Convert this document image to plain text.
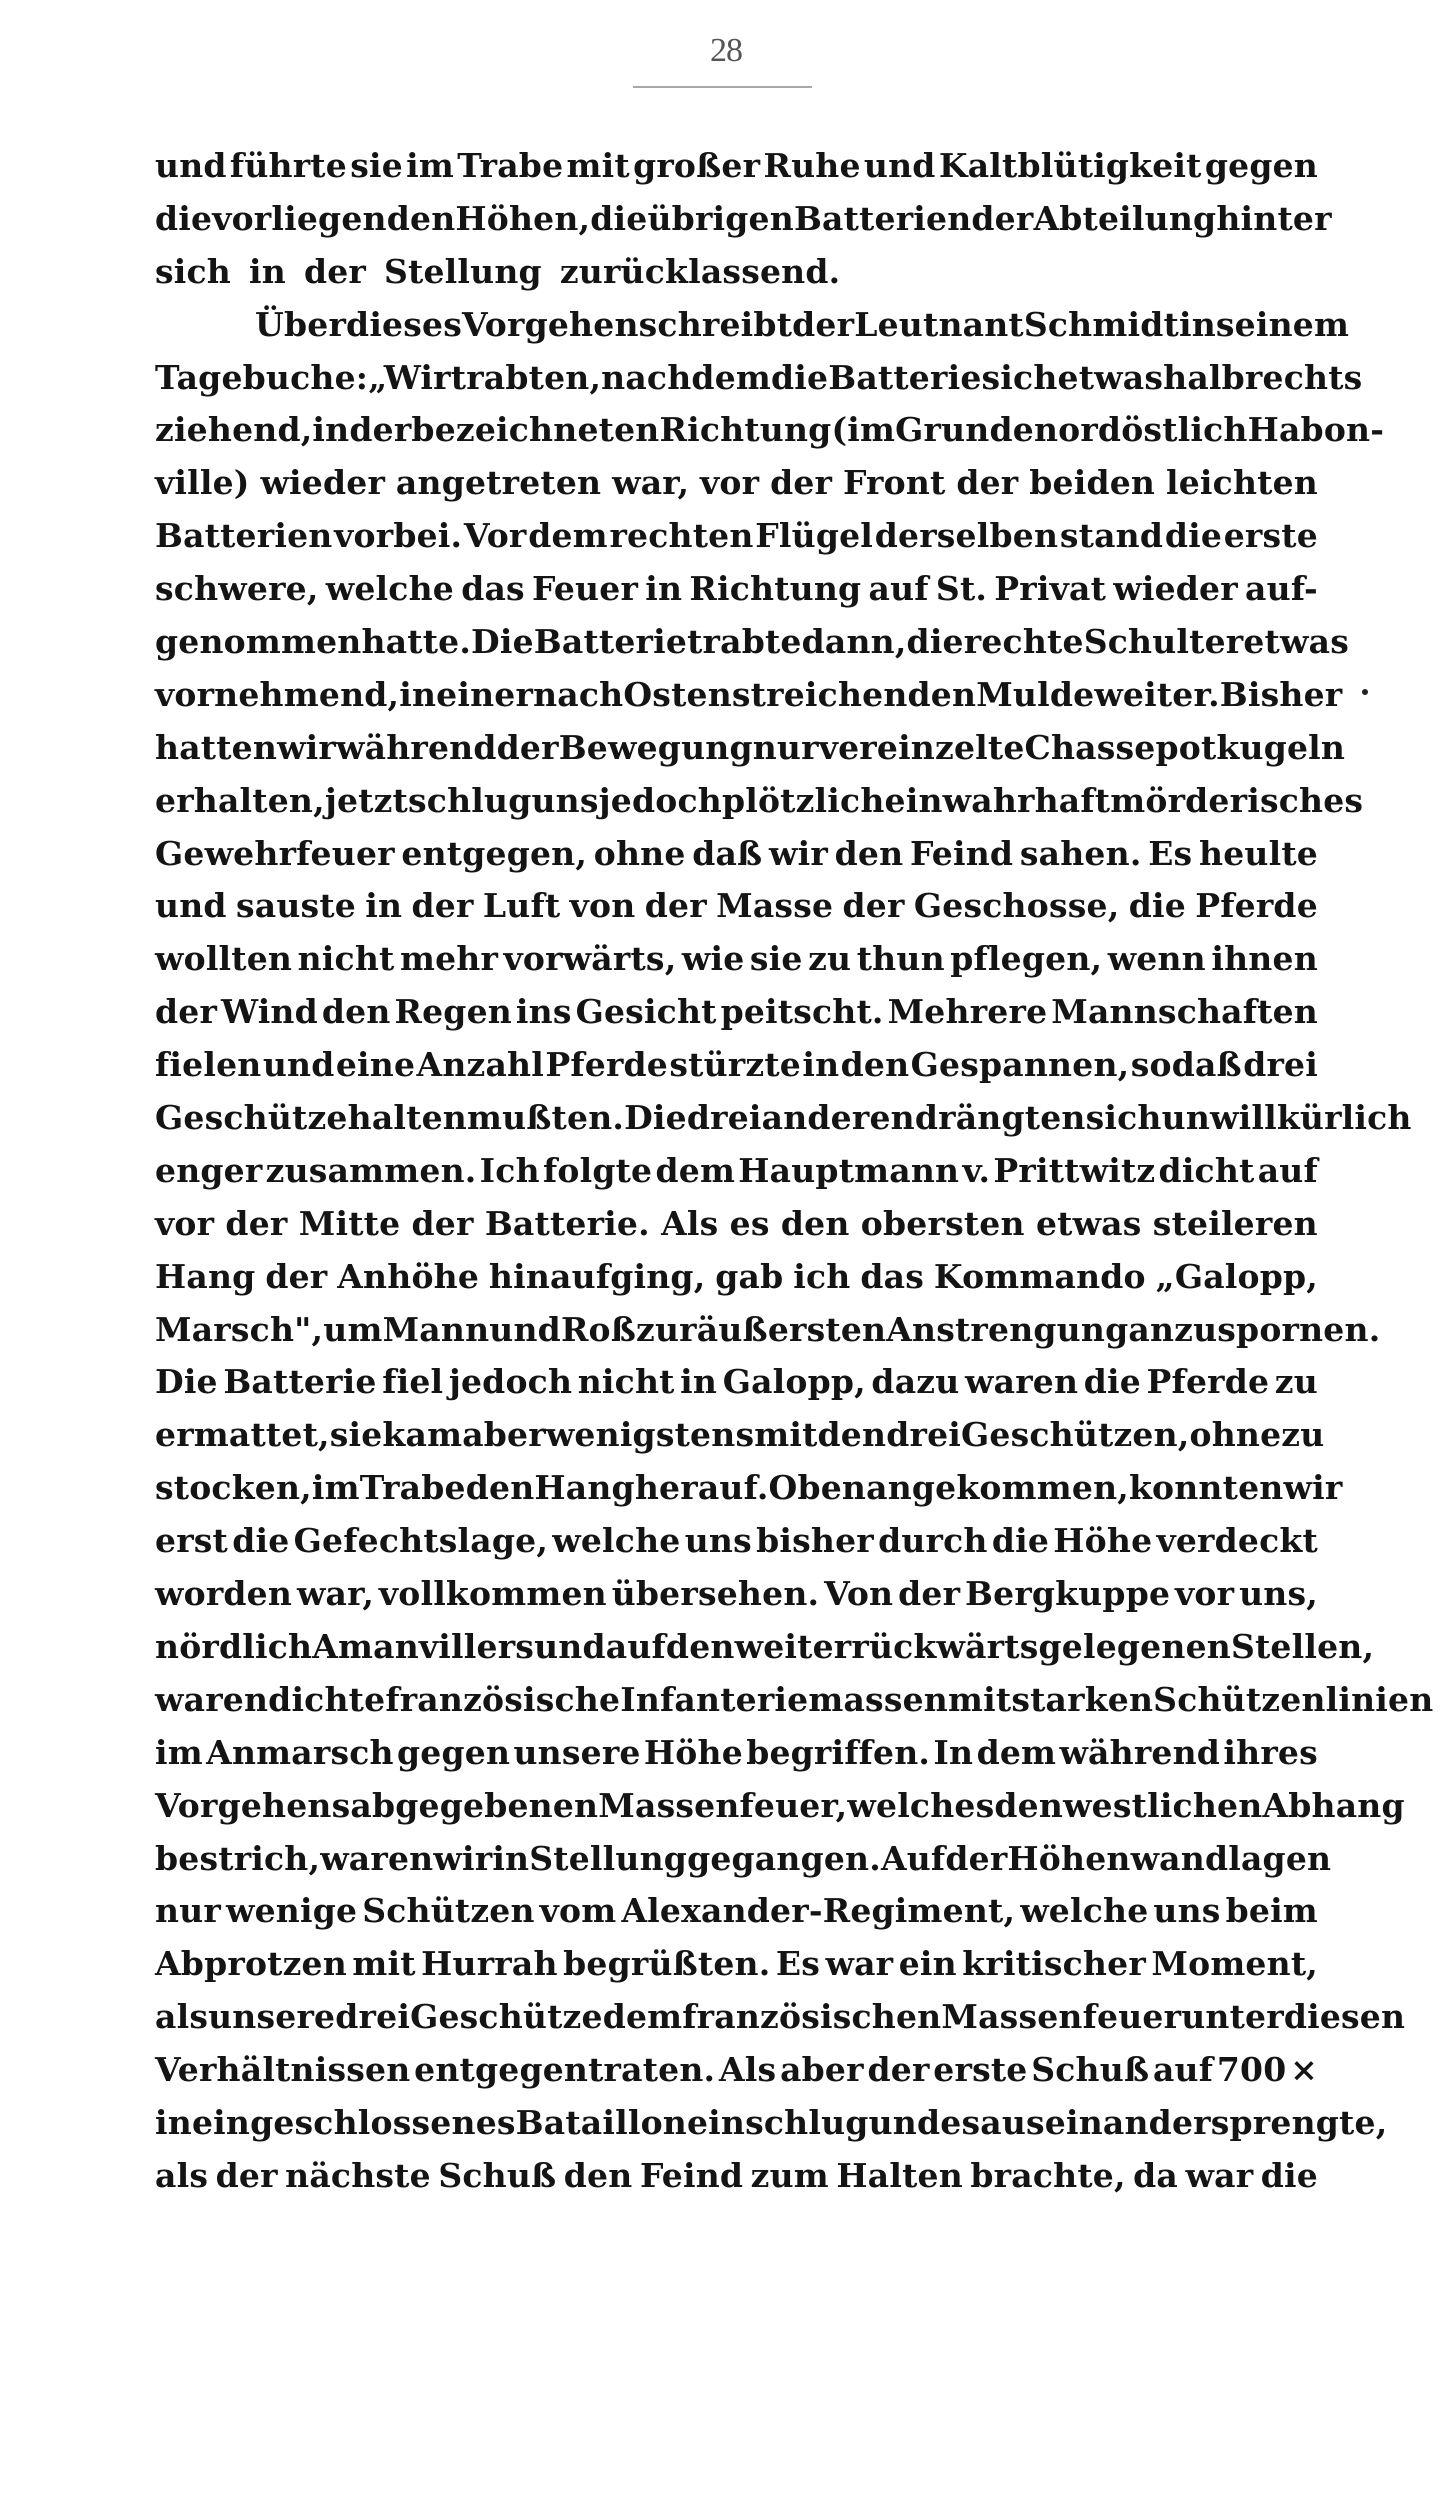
28
und führte sie im Trabe mit großer Ruhe und Kaltblütigkeit gegen
die vorliegenden Höhen, die übrigen Batterien der Abteilung hinter
sich in der Stellung zurücklassend.
Über dieses Vorgehen schreibt der Leutnant Schmidt in seinem
Tagebuche: „Wir trabten, nachdem die Batterie sich etwas halbrechts
ziehend, in der bezeichneten Richtung (im Grunde nordöstlich Habon-
ville) wieder angetreten war, vor der Front der beiden leichten
Batterien vorbei. Vor dem rechten Flügel derselben stand die erste
schwere, welche das Feuer in Richtung auf St. Privat wieder auf-
genommen hatte. Die Batterie trabte dann, die rechte Schulter etwas
vornehmend, in einer nach Osten streichenden Mulde weiter. Bisher
hatten wir während der Bewegung nur vereinzelte Chassepotkugeln
erhalten, jetzt schlug uns jedoch plötzlich ein wahrhaft mörderisches
Gewehrfeuer entgegen, ohne daß wir den Feind sahen. Es heulte
und sauste in der Luft von der Masse der Geschosse, die Pferde
wollten nicht mehr vorwärts, wie sie zu thun pflegen, wenn ihnen
der Wind den Regen ins Gesicht peitscht. Mehrere Mannschaften
fielen und eine Anzahl Pferde stürzte in den Gespannen, sodaß drei
Geschütze halten mußten. Die drei anderen drängten sich unwillkürlich
enger zusammen. Ich folgte dem Hauptmann v. Prittwitz dicht auf
vor der Mitte der Batterie. Als es den obersten etwas steileren
Hang der Anhöhe hinaufging, gab ich das Kommando „Galopp,
Marsch", um Mann und Roß zur äußersten Anstrengung anzuspornen.
Die Batterie fiel jedoch nicht in Galopp, dazu waren die Pferde zu
ermattet, sie kam aber wenigstens mit den drei Geschützen, ohne zu
stocken, im Trabe den Hang herauf. Oben angekommen, konnten wir
erst die Gefechtslage, welche uns bisher durch die Höhe verdeckt
worden war, vollkommen übersehen. Von der Bergkuppe vor uns,
nördlich Amanvillers und auf den weiter rückwärts gelegenen Stellen,
waren dichte französische Infanteriemassen mit starken Schützenlinien
im Anmarsch gegen unsere Höhe begriffen. In dem während ihres
Vorgehens abgegebenen Massenfeuer, welches den westlichen Abhang
bestrich, waren wir in Stellung gegangen. Auf der Höhenwand lagen
nur wenige Schützen vom Alexander-Regiment, welche uns beim
Abprotzen mit Hurrah begrüßten. Es war ein kritischer Moment,
als unsere drei Geschütze dem französischen Massenfeuer unter diesen
Verhältnissen entgegentraten. Als aber der erste Schuß auf 700 ×
in ein geschlossenes Bataillon einschlug und es auseinander sprengte,
als der nächste Schuß den Feind zum Halten brachte, da war die
